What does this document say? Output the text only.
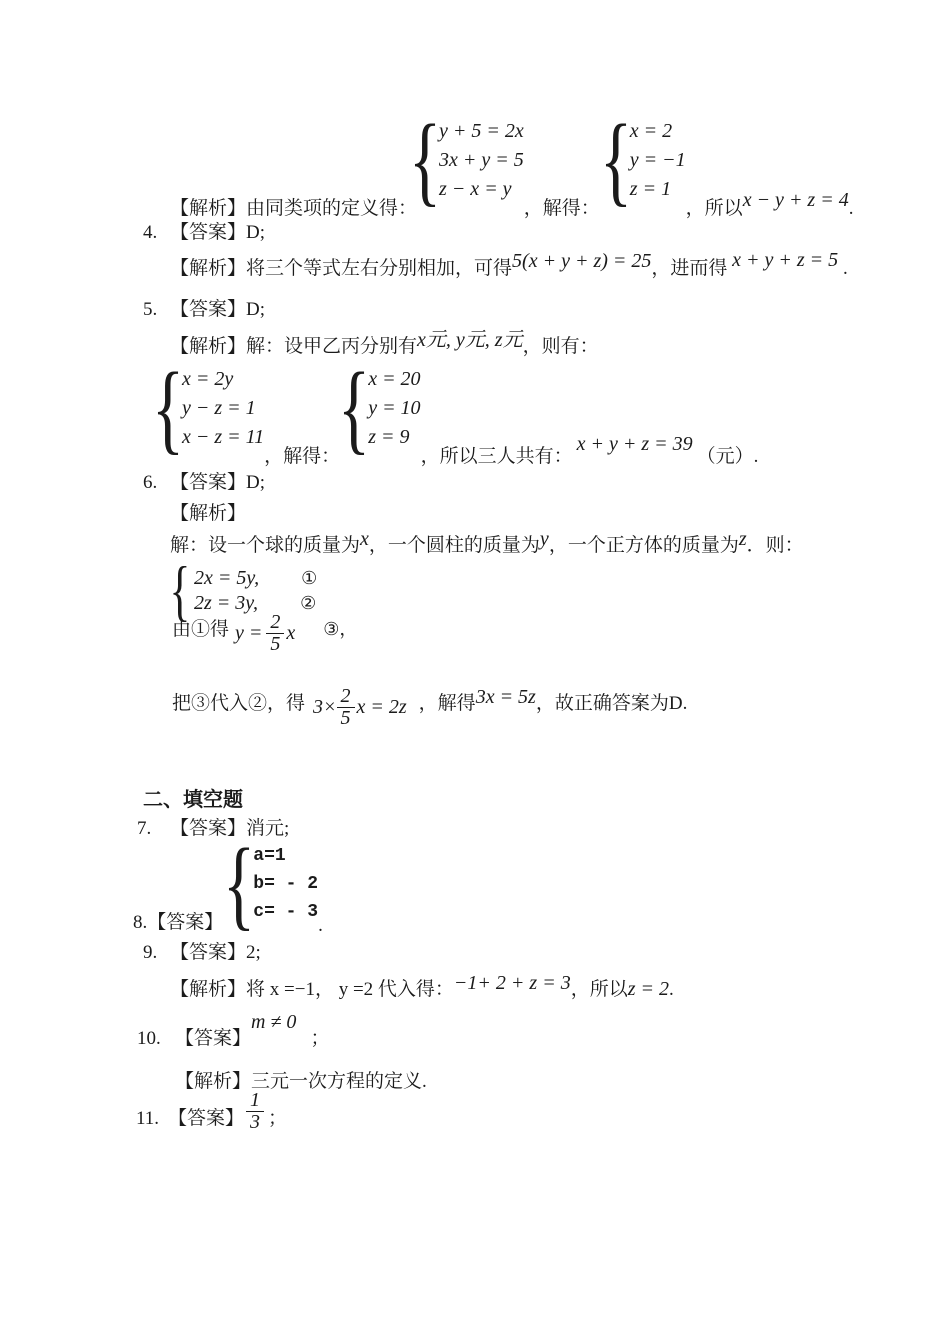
【解析】由同类项的定义得：
{
y + 5 = 2x
3x + y = 5
z − x = y
，解得： {
x = 2
y = −1
z = 1
，所以 x − y + z = 4 .
4. 【答案】D;
【解析】将三个等式左右分别相加，可得5(x + y + z) = 25，进而得 x + y + z = 5 .
5. 【答案】D;
【解析】解：设甲乙丙分别有x元, y元, z元，则有：
{
x = 2y
y − z = 1
x − z = 11
，解得：
{
x = 20
y = 10
z = 9
，所以三人共有：
x + y + z = 39
（元）.
6. 【答案】D;
【解析】
解：设一个球的质量为x，一个圆柱的质量为y，一个正方体的质量为z．则：
{ 2x = 5y, ①
2z = 3y, ②
由①得 $y = \frac{2}{5}$ x ③，
把③代入②，得 $3\times \frac{2}{5}$ x = 2z ，解得 3x = 5z ，故正确答案为D.
二、填空题
7. 【答案】消元;
8.【答案】 {
a=1
b= - 2
c= - 3
.
9. 【答案】2;
【解析】将 x =−1， y =2 代入得：−1+ 2 + z = 3，所以z = 2.
10. 【答案】m ≠ 0；
【解析】三元一次方程的定义.
11. 【答案】 $\frac{1}{3}$ ；
